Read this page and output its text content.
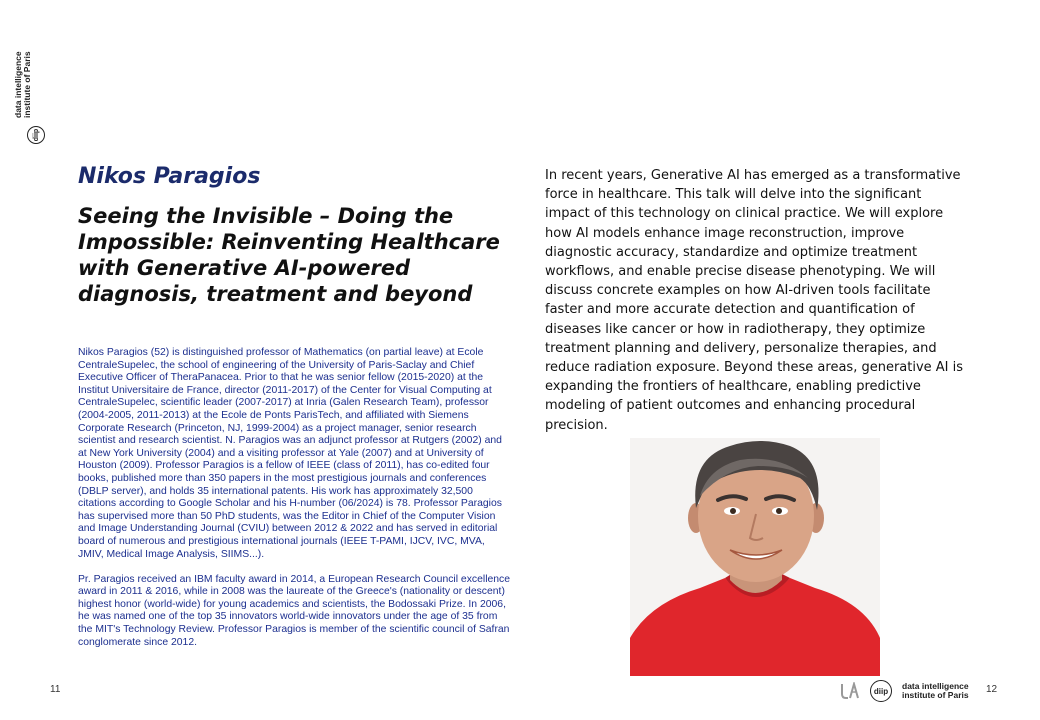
data intelligence institute of Paris
diip
Nikos Paragios
Seeing the Invisible – Doing the Impossible: Reinventing Healthcare with Generative AI-powered diagnosis, treatment and beyond

Nikos Paragios (52) is distinguished professor of Mathematics (on partial leave) at Ecole CentraleSupelec, the school of engineering of the University of Paris-Saclay and Chief Executive Officer of TheraPanacea. Prior to that he was senior fellow (2015-2020) at the Institut Universitaire de France, director (2011-2017) of the Center for Visual Computing at CentraleSupelec, scientific leader (2007-2017) at Inria (Galen Research Team), professor (2004-2005, 2011-2013) at the Ecole de Ponts ParisTech, and affiliated with Siemens Corporate Research (Princeton, NJ, 1999-2004) as a project manager, senior research scientist and research scientist. N. Paragios was an adjunct professor at Rutgers (2002) and at New York University (2004) and a visiting professor at Yale (2007) and at University of Houston (2009). Professor Paragios is a fellow of IEEE (class of 2011), has co-edited four books, published more than 350 papers in the most prestigious journals and conferences (DBLP server), and holds 35 international patents. His work has approximately 32,500 citations according to Google Scholar and his H-number (06/2024) is 78. Professor Paragios has supervised more than 50 PhD students, was the Editor in Chief of the Computer Vision and Image Understanding Journal (CVIU) between 2012 & 2022 and has served in editorial board of numerous and prestigious international journals (IEEE T-PAMI, IJCV, IVC, MVA, JMIV, Medical Image Analysis, SIIMS...).

Pr. Paragios received an IBM faculty award in 2014, a European Research Council excellence award in 2011 & 2016, while in 2008 was the laureate of the Greece's (nationality or descent) highest honor (world-wide) for young academics and scientists, the Bodossaki Prize. In 2006, he was named one of the top 35 innovators world-wide innovators under the age of 35 from the MIT's Technology Review. Professor Paragios is member of the scientific council of Safran conglomerate since 2012.

11

In recent years, Generative AI has emerged as a transformative force in healthcare. This talk will delve into the significant impact of this technology on clinical practice. We will explore how AI models enhance image reconstruction, improve diagnostic accuracy, standardize and optimize treatment workflows, and enable precise disease phenotyping. We will discuss concrete examples on how AI-driven tools facilitate faster and more accurate detection and quantification of diseases like cancer or how in radiotherapy, they optimize treatment planning and delivery, personalize therapies, and reduce radiation exposure. Beyond these areas, generative AI is expanding the frontiers of healthcare, enabling predictive modeling of patient outcomes and enhancing procedural precision.

diip	data intelligence institute of Paris	12
